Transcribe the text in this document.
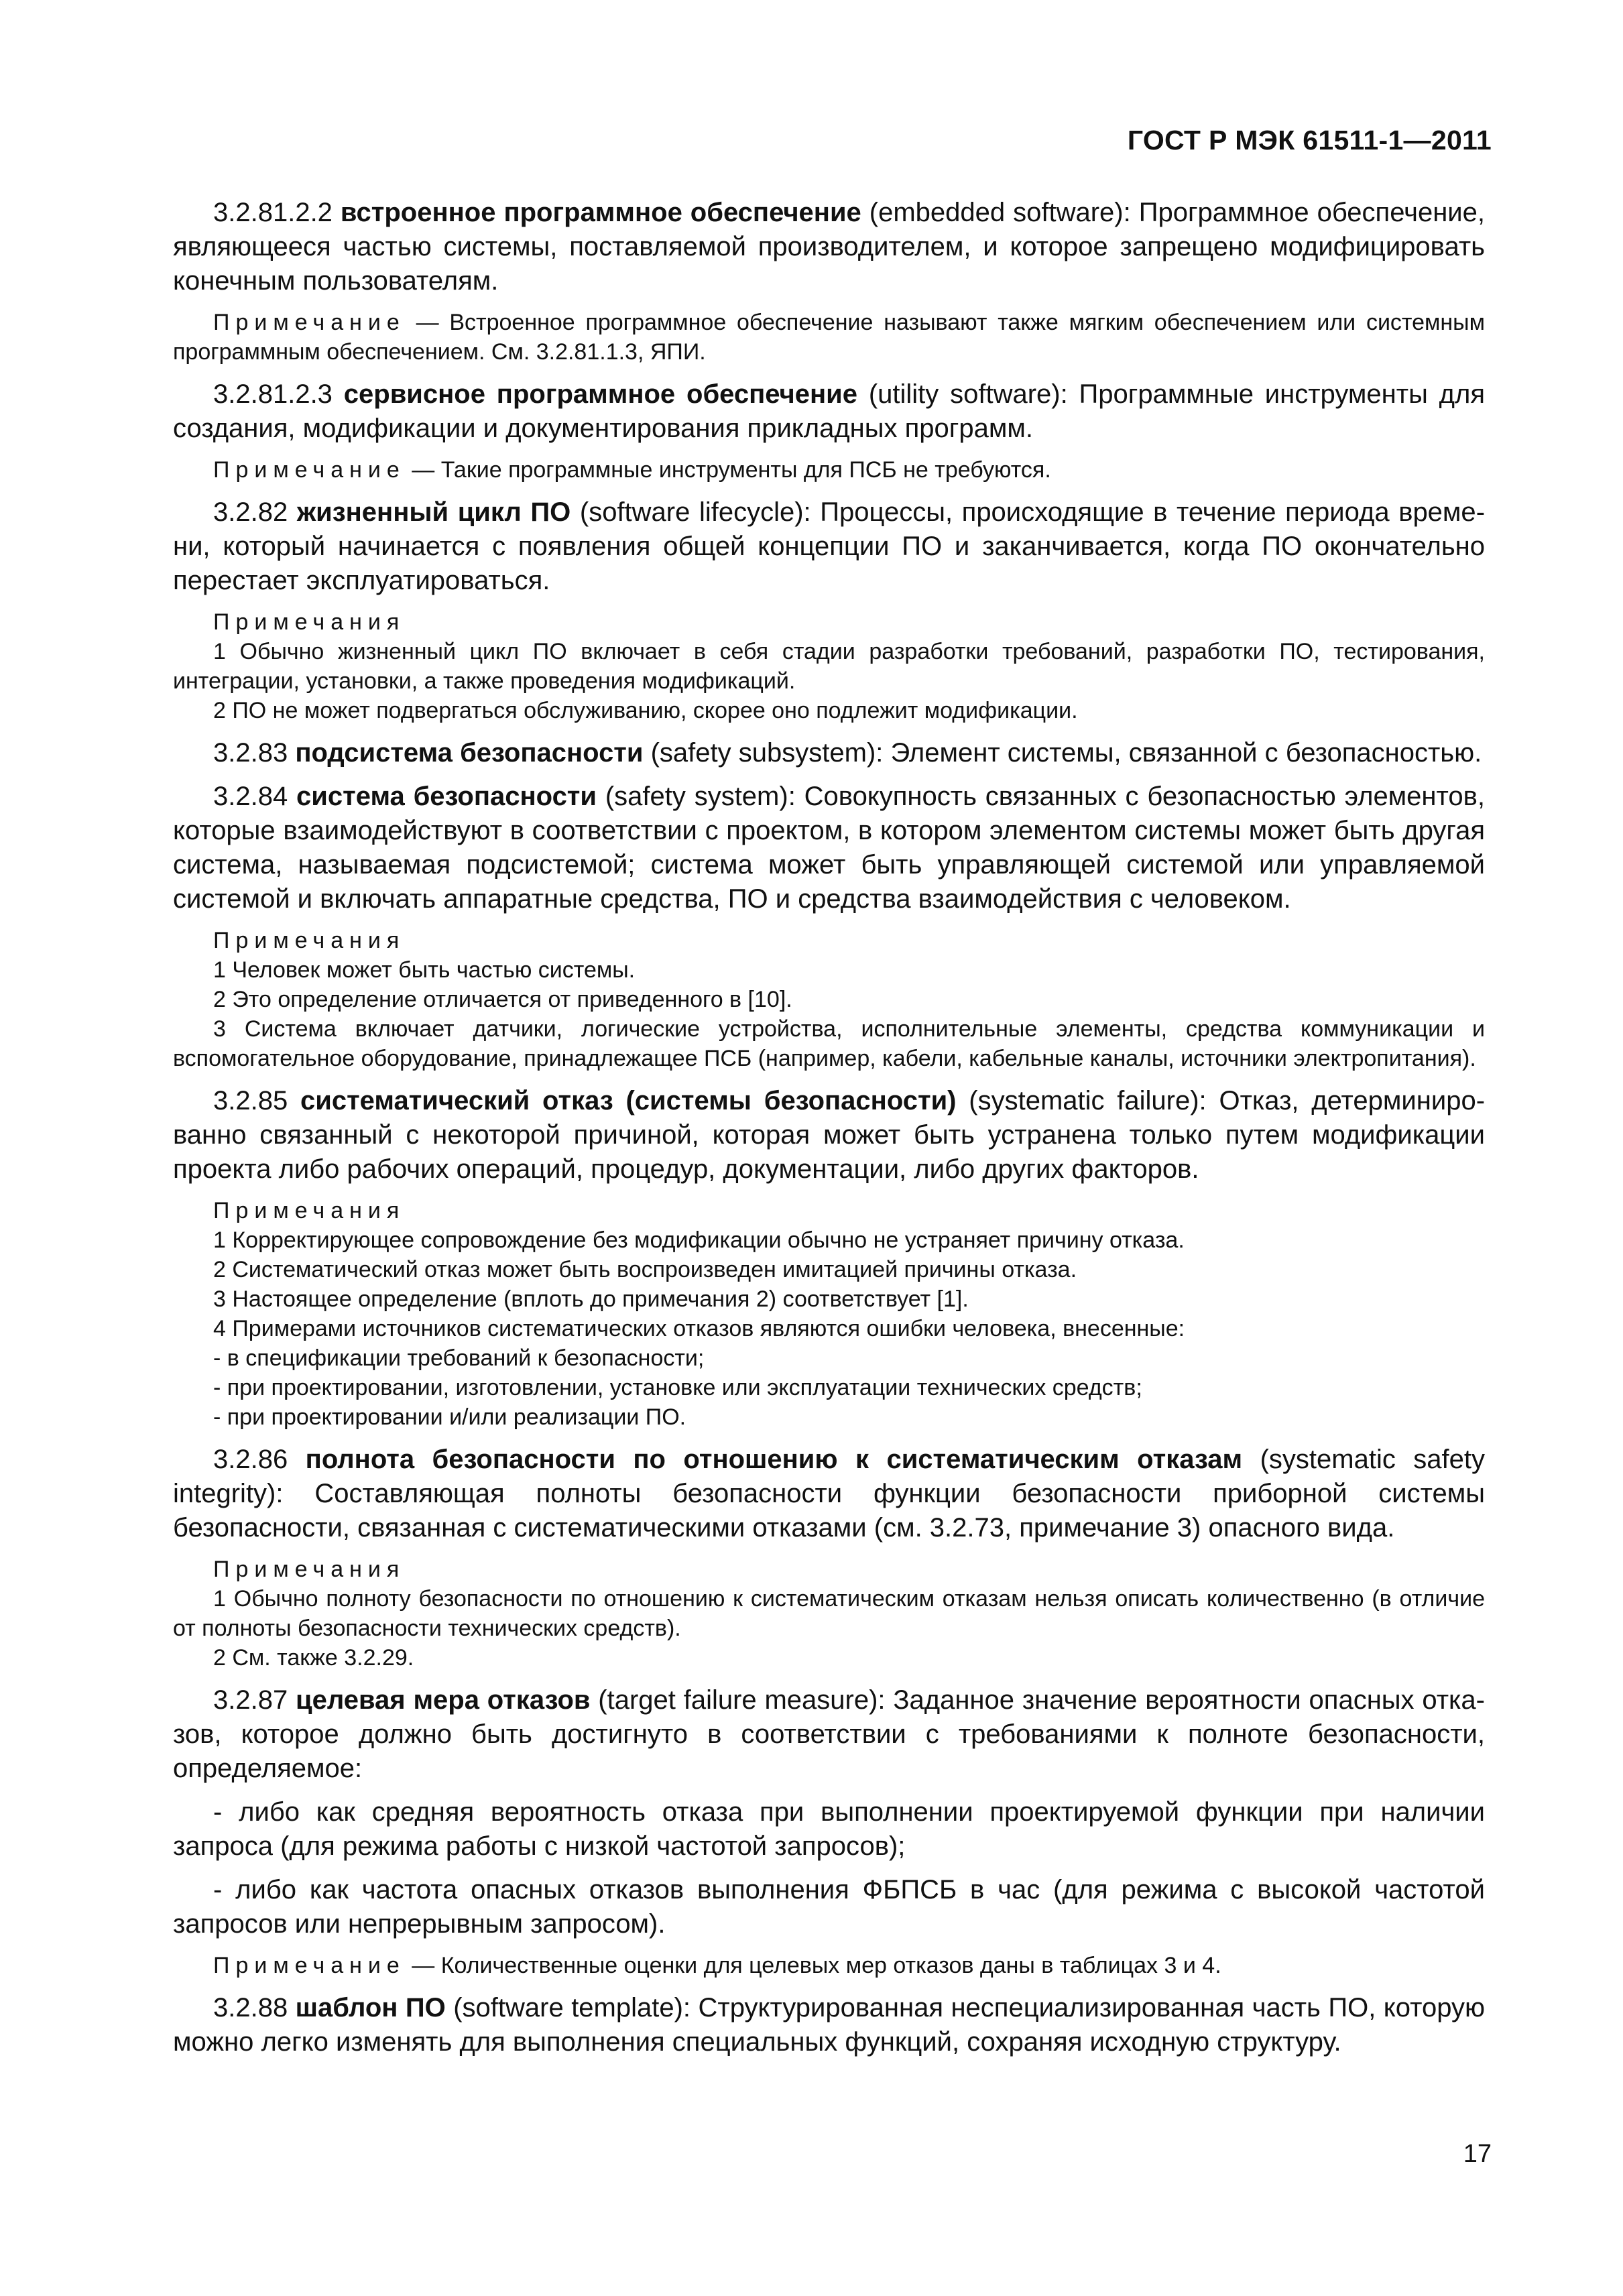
ГОСТ Р МЭК 61511-1—2011
3.2.81.2.2 встроенное программное обеспечение (embedded software): Программное обеспечение, являющееся частью системы, поставляемой производителем, и которое запрещено модифицировать конечным пользователям.
Примечание — Встроенное программное обеспечение называют также мягким обеспечением или системным программным обеспечением. См. 3.2.81.1.3, ЯПИ.
3.2.81.2.3 сервисное программное обеспечение (utility software): Программные инструменты для создания, модификации и документирования прикладных программ.
Примечание — Такие программные инструменты для ПСБ не требуются.
3.2.82 жизненный цикл ПО (software lifecycle): Процессы, происходящие в течение периода времени, который начинается с появления общей концепции ПО и заканчивается, когда ПО окончательно перестает эксплуатироваться.
Примечания
1 Обычно жизненный цикл ПО включает в себя стадии разработки требований, разработки ПО, тестирования, интеграции, установки, а также проведения модификаций.
2 ПО не может подвергаться обслуживанию, скорее оно подлежит модификации.
3.2.83 подсистема безопасности (safety subsystem): Элемент системы, связанной с безопасностью.
3.2.84 система безопасности (safety system): Совокупность связанных с безопасностью элементов, которые взаимодействуют в соответствии с проектом, в котором элементом системы может быть другая система, называемая подсистемой; система может быть управляющей системой или управляемой системой и включать аппаратные средства, ПО и средства взаимодействия с человеком.
Примечания
1 Человек может быть частью системы.
2 Это определение отличается от приведенного в [10].
3 Система включает датчики, логические устройства, исполнительные элементы, средства коммуникации и вспомогательное оборудование, принадлежащее ПСБ (например, кабели, кабельные каналы, источники электропитания).
3.2.85 систематический отказ (системы безопасности) (systematic failure): Отказ, детерминированно связанный с некоторой причиной, которая может быть устранена только путем модификации проекта либо рабочих операций, процедур, документации, либо других факторов.
Примечания
1 Корректирующее сопровождение без модификации обычно не устраняет причину отказа.
2 Систематический отказ может быть воспроизведен имитацией причины отказа.
3 Настоящее определение (вплоть до примечания 2) соответствует [1].
4 Примерами источников систематических отказов являются ошибки человека, внесенные:
- в спецификации требований к безопасности;
- при проектировании, изготовлении, установке или эксплуатации технических средств;
- при проектировании и/или реализации ПО.
3.2.86 полнота безопасности по отношению к систематическим отказам (systematic safety integrity): Составляющая полноты безопасности функции безопасности приборной системы безопасности, связанная с систематическими отказами (см. 3.2.73, примечание 3) опасного вида.
Примечания
1 Обычно полноту безопасности по отношению к систематическим отказам нельзя описать количественно (в отличие от полноты безопасности технических средств).
2 См. также 3.2.29.
3.2.87 целевая мера отказов (target failure measure): Заданное значение вероятности опасных отказов, которое должно быть достигнуто в соответствии с требованиями к полноте безопасности, определяемое:
- либо как средняя вероятность отказа при выполнении проектируемой функции при наличии запроса (для режима работы с низкой частотой запросов);
- либо как частота опасных отказов выполнения ФБПСБ в час (для режима с высокой частотой запросов или непрерывным запросом).
Примечание — Количественные оценки для целевых мер отказов даны в таблицах 3 и 4.
3.2.88 шаблон ПО (software template): Структурированная неспециализированная часть ПО, которую можно легко изменять для выполнения специальных функций, сохраняя исходную структуру.
17
